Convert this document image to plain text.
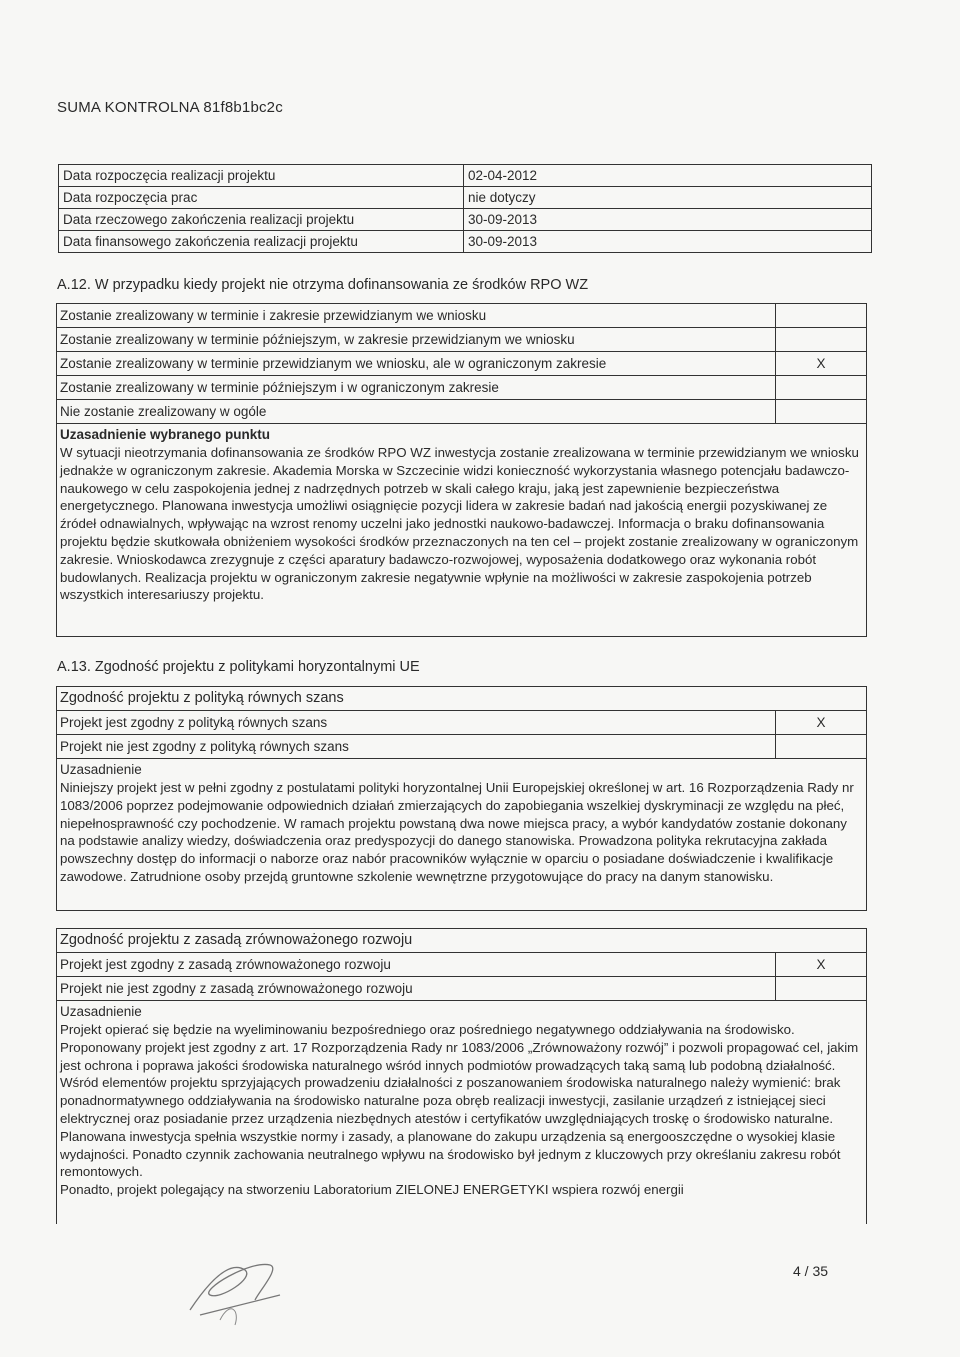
SUMA KONTROLNA 81f8b1bc2c
Data rozpoczęcia realizacji projektu	02-04-2012
Data rozpoczęcia prac	nie dotyczy
Data rzeczowego zakończenia realizacji projektu	30-09-2013
Data finansowego zakończenia realizacji projektu	30-09-2013
A.12. W przypadku kiedy projekt nie otrzyma dofinansowania ze środków RPO WZ
Zostanie zrealizowany w terminie i zakresie przewidzianym we wniosku
Zostanie zrealizowany w terminie późniejszym, w zakresie przewidzianym we wniosku
Zostanie zrealizowany w terminie przewidzianym we wniosku, ale w ograniczonym zakresie	X
Zostanie zrealizowany w terminie późniejszym i w ograniczonym zakresie
Nie zostanie zrealizowany w ogóle
Uzasadnienie wybranego punktu

W sytuacji nieotrzymania dofinansowania ze środków RPO WZ inwestycja zostanie zrealizowana w terminie przewidzianym we wniosku jednakże w ograniczonym zakresie. Akademia Morska w Szczecinie widzi konieczność wykorzystania własnego potencjału badawczo-naukowego w celu zaspokojenia jednej z nadrzędnych potrzeb w skali całego kraju, jaką jest zapewnienie bezpieczeństwa energetycznego. Planowana inwestycja umożliwi osiągnięcie pozycji lidera w zakresie badań nad jakością energii pozyskiwanej ze źródeł odnawialnych, wpływając na wzrost renomy uczelni jako jednostki naukowo-badawczej. Informacja o braku dofinansowania projektu będzie skutkowała obniżeniem wysokości środków przeznaczonych na ten cel – projekt zostanie zrealizowany w ograniczonym zakresie. Wnioskodawca zrezygnuje z części aparatury badawczo-rozwojowej, wyposażenia dodatkowego oraz wykonania robót budowlanych. Realizacja projektu w ograniczonym zakresie negatywnie wpłynie na możliwości w zakresie zaspokojenia potrzeb wszystkich interesariuszy projektu.

A.13. Zgodność projektu z politykami horyzontalnymi UE
Zgodność projektu z polityką równych szans
Projekt jest zgodny z polityką równych szans	X
Projekt nie jest zgodny z polityką równych szans
Uzasadnienie

Niniejszy projekt jest w pełni zgodny z postulatami polityki horyzontalnej Unii Europejskiej określonej w art. 16 Rozporządzenia Rady nr 1083/2006 poprzez podejmowanie odpowiednich działań zmierzających do zapobiegania wszelkiej dyskryminacji ze względu na płeć, niepełnosprawność czy pochodzenie. W ramach projektu powstaną dwa nowe miejsca pracy, a wybór kandydatów zostanie dokonany na podstawie analizy wiedzy, doświadczenia oraz predyspozycji do danego stanowiska. Prowadzona polityka rekrutacyjna zakłada powszechny dostęp do informacji o naborze oraz nabór pracowników wyłącznie w oparciu o posiadane doświadczenie i kwalifikacje zawodowe. Zatrudnione osoby przejdą gruntowne szkolenie wewnętrzne przygotowujące do pracy na danym stanowisku.

Zgodność projektu z zasadą zrównoważonego rozwoju
Projekt jest zgodny z zasadą zrównoważonego rozwoju	X
Projekt nie jest zgodny z zasadą zrównoważonego rozwoju
Uzasadnienie

Projekt opierać się będzie na wyeliminowaniu bezpośredniego oraz pośredniego negatywnego oddziaływania na środowisko. Proponowany projekt jest zgodny z art. 17 Rozporządzenia Rady nr 1083/2006 „Zrównoważony rozwój” i pozwoli propagować cel, jakim jest ochrona i poprawa jakości środowiska naturalnego wśród innych podmiotów prowadzących taką samą lub podobną działalność. Wśród elementów projektu sprzyjających prowadzeniu działalności z poszanowaniem środowiska naturalnego należy wymienić: brak ponadnormatywnego oddziaływania na środowisko naturalne poza obręb realizacji inwestycji, zasilanie urządzeń z istniejącej sieci elektrycznej oraz posiadanie przez urządzenia niezbędnych atestów i certyfikatów uwzględniających troskę o środowisko naturalne. Planowana inwestycja spełnia wszystkie normy i zasady, a planowane do zakupu urządzenia są energooszczędne o wysokiej klasie wydajności. Ponadto czynnik zachowania neutralnego wpływu na środowisko był jednym z kluczowych przy określaniu zakresu robót remontowych.

Ponadto, projekt polegający na stworzeniu Laboratorium ZIELONEJ ENERGETYKI wspiera rozwój energii

4 / 35
